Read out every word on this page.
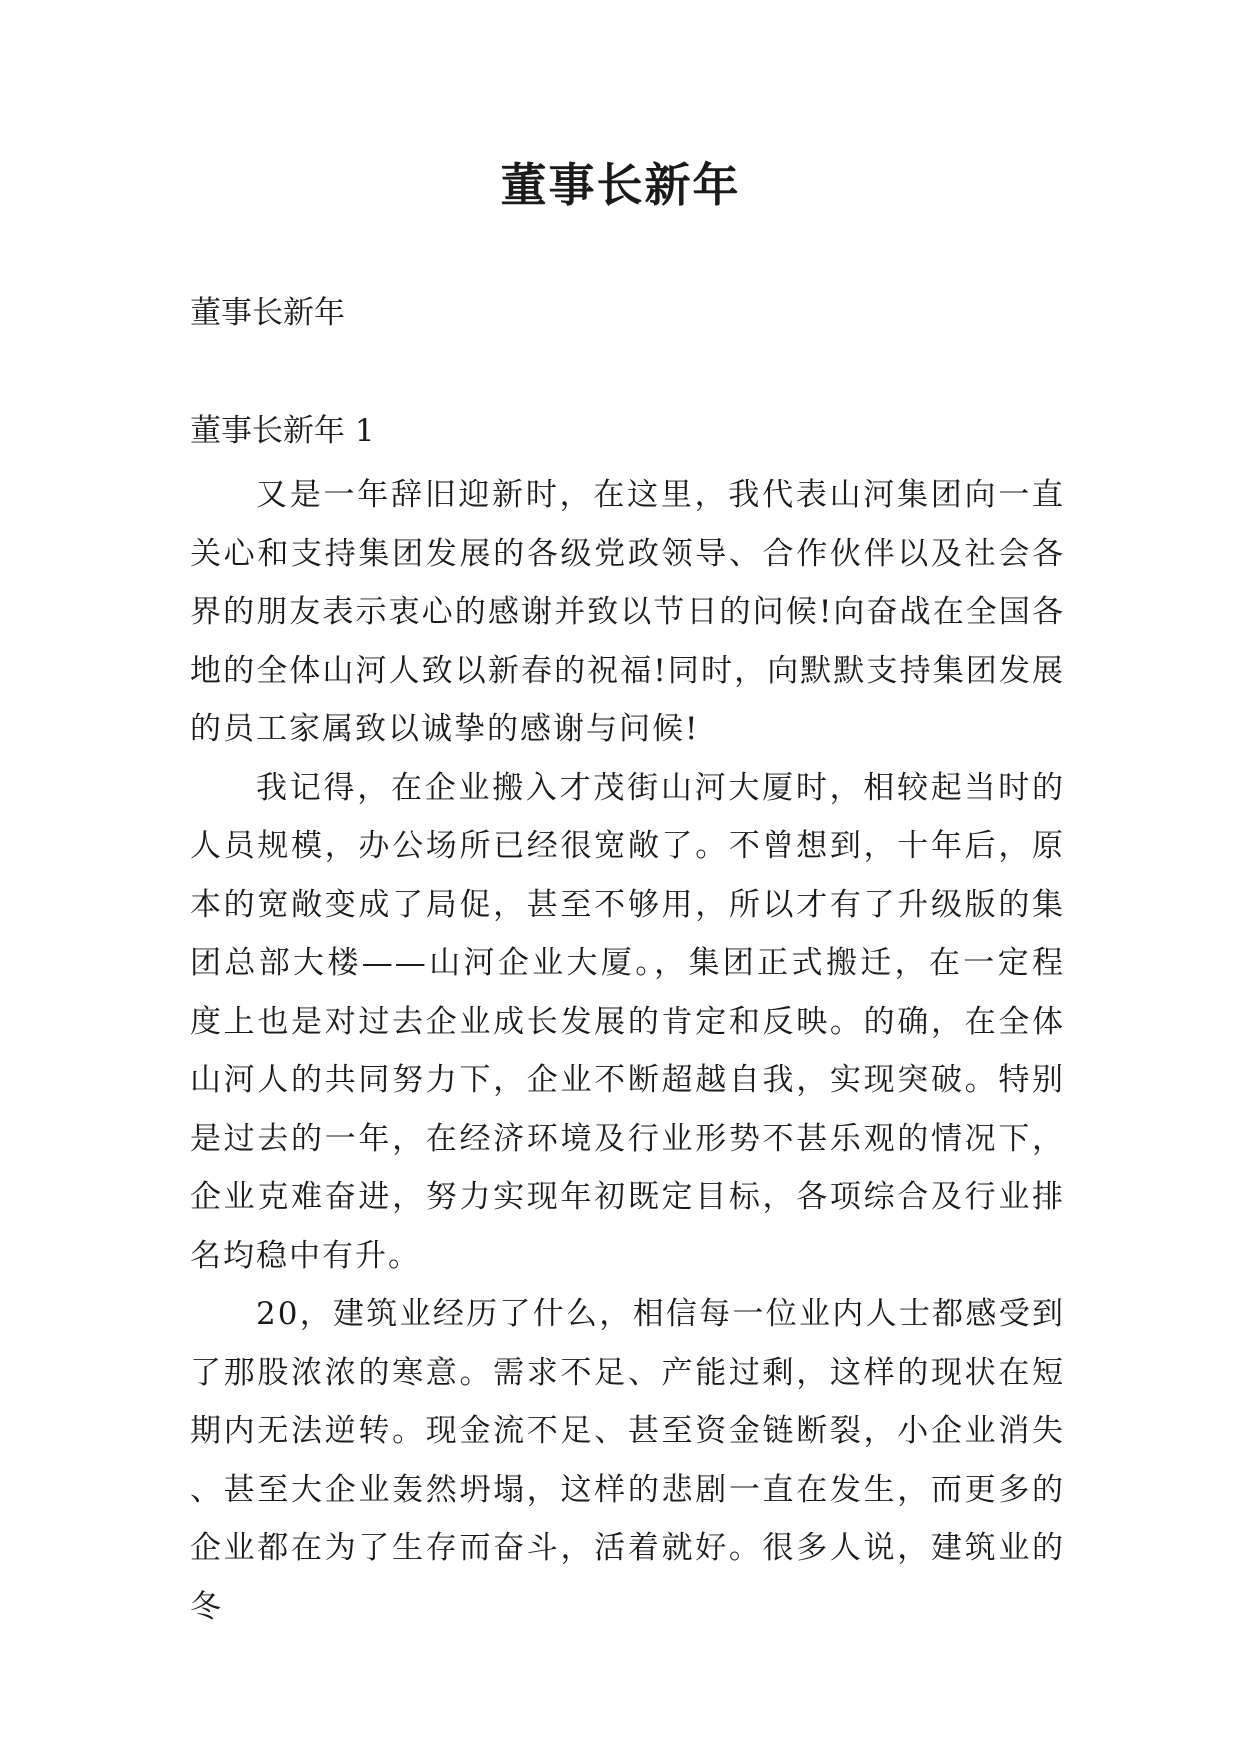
董事长新年

董事长新年

董事长新年 1

又是一年辞旧迎新时，在这里，我代表山河集团向一直关心和支持集团发展的各级党政领导、合作伙伴以及社会各界的朋友表示衷心的感谢并致以节日的问候!向奋战在全国各地的全体山河人致以新春的祝福!同时，向默默支持集团发展的员工家属致以诚挚的感谢与问候!

我记得，在企业搬入才茂街山河大厦时，相较起当时的人员规模，办公场所已经很宽敞了。不曾想到，十年后，原本的宽敞变成了局促，甚至不够用，所以才有了升级版的集团总部大楼——山河企业大厦。，集团正式搬迁，在一定程度上也是对过去企业成长发展的肯定和反映。的确，在全体山河人的共同努力下，企业不断超越自我，实现突破。特别是过去的一年，在经济环境及行业形势不甚乐观的情况下，企业克难奋进，努力实现年初既定目标，各项综合及行业排名均稳中有升。

20，建筑业经历了什么，相信每一位业内人士都感受到了那股浓浓的寒意。需求不足、产能过剩，这样的现状在短期内无法逆转。现金流不足、甚至资金链断裂，小企业消失、甚至大企业轰然坍塌，这样的悲剧一直在发生，而更多的企业都在为了生存而奋斗，活着就好。很多人说，建筑业的冬
